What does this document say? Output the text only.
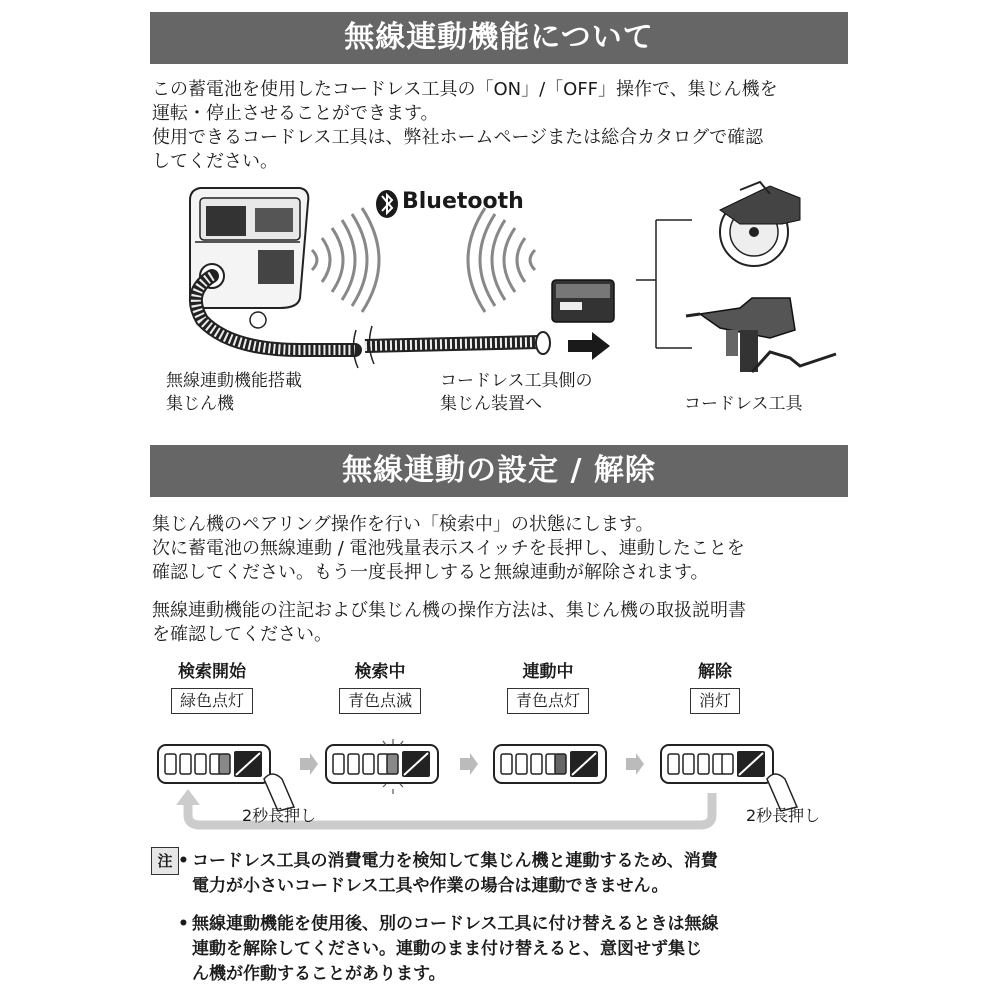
無線連動機能について
この蓄電池を使用したコードレス工具の「ON」/「OFF」操作で、集じん機を
運転・停止させることができます。
使用できるコードレス工具は、弊社ホームページまたは総合カタログで確認
してください。
Bluetooth
無線連動機能搭載
集じん機
コードレス工具側の
集じん装置へ	コードレス工具
無線連動の設定 / 解除
集じん機のペアリング操作を行い「検索中」の状態にします。
次に蓄電池の無線連動 / 電池残量表示スイッチを長押し、連動したことを
確認してください。もう一度長押しすると無線連動が解除されます。
無線連動機能の注記および集じん機の操作方法は、集じん機の取扱説明書
を確認してください。
検索開始
緑色点灯
検索中
青色点滅
連動中
青色点灯
解除
消灯
2秒長押し	2秒長押し
注 • コードレス工具の消費電力を検知して集じん機と連動するため、消費
電力が小さいコードレス工具や作業の場合は連動できません。
• 無線連動機能を使用後、別のコードレス工具に付け替えるときは無線
連動を解除してください。連動のまま付け替えると、意図せず集じ
ん機が作動することがあります。
